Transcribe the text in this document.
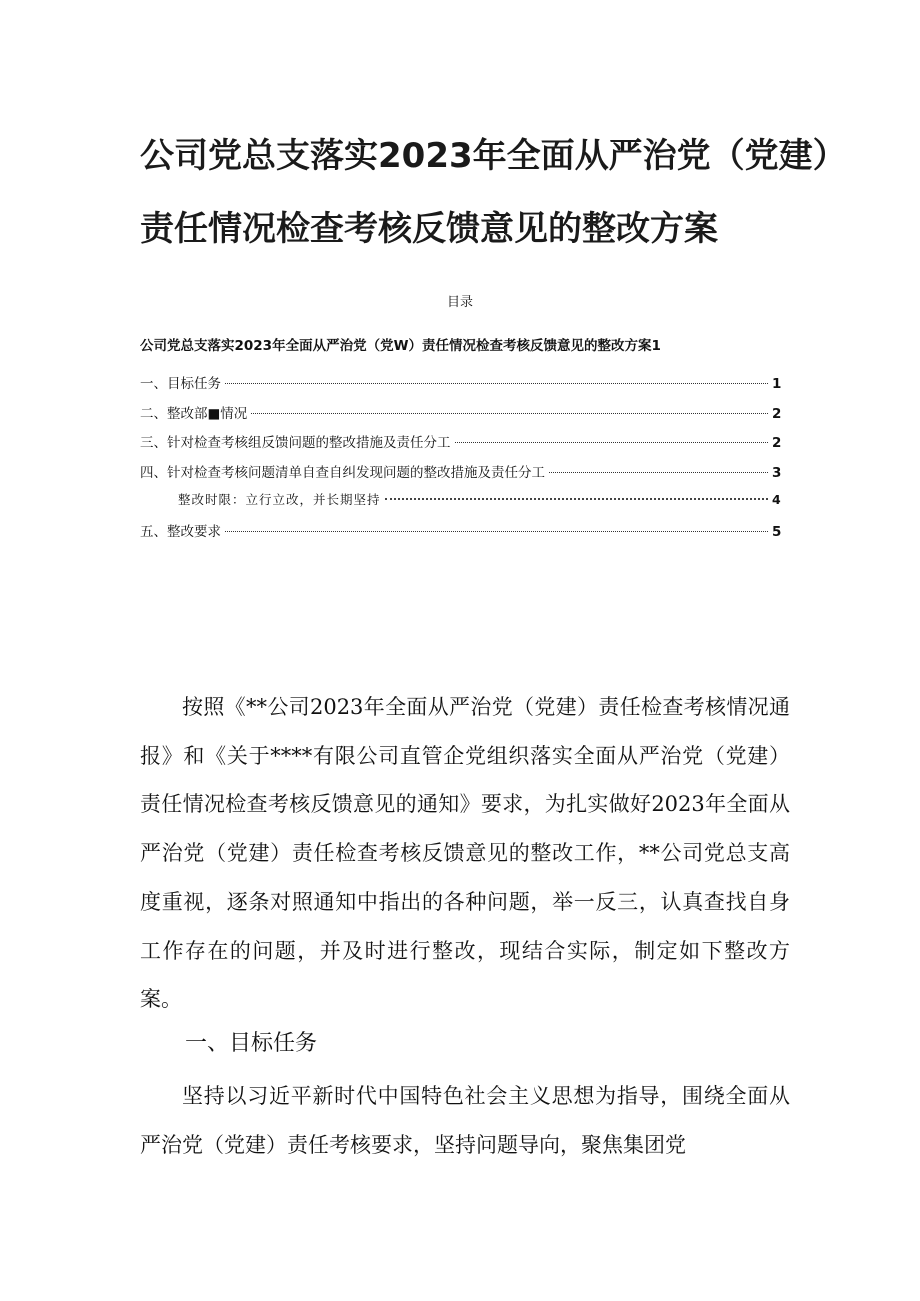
公司党总支落实2023年全面从严治党（党建）
责任情况检查考核反馈意见的整改方案
目录
公司党总支落实2023年全面从严治党（党W）责任情况检查考核反馈意见的整改方案1
一、目标任务	1
二、整改部■情况	2
三、针对检查考核组反馈问题的整改措施及责任分工	2
四、针对检查考核问题清单自查自纠发现问题的整改措施及责任分工	3
整改时限：立行立改，并长期坚持	4
五、整改要求	5

按照《**公司2023年全面从严治党（党建）责任检查考核情况通报》和《关于****有限公司直管企党组织落实全面从严治党（党建）责任情况检查考核反馈意见的通知》要求，为扎实做好2023年全面从严治党（党建）责任检查考核反馈意见的整改工作，**公司党总支高度重视，逐条对照通知中指出的各种问题，举一反三，认真查找自身工作存在的问题，并及时进行整改，现结合实际，制定如下整改方案。

一、目标任务

坚持以习近平新时代中国特色社会主义思想为指导，围绕全面从严治党（党建）责任考核要求，坚持问题导向，聚焦集团党
